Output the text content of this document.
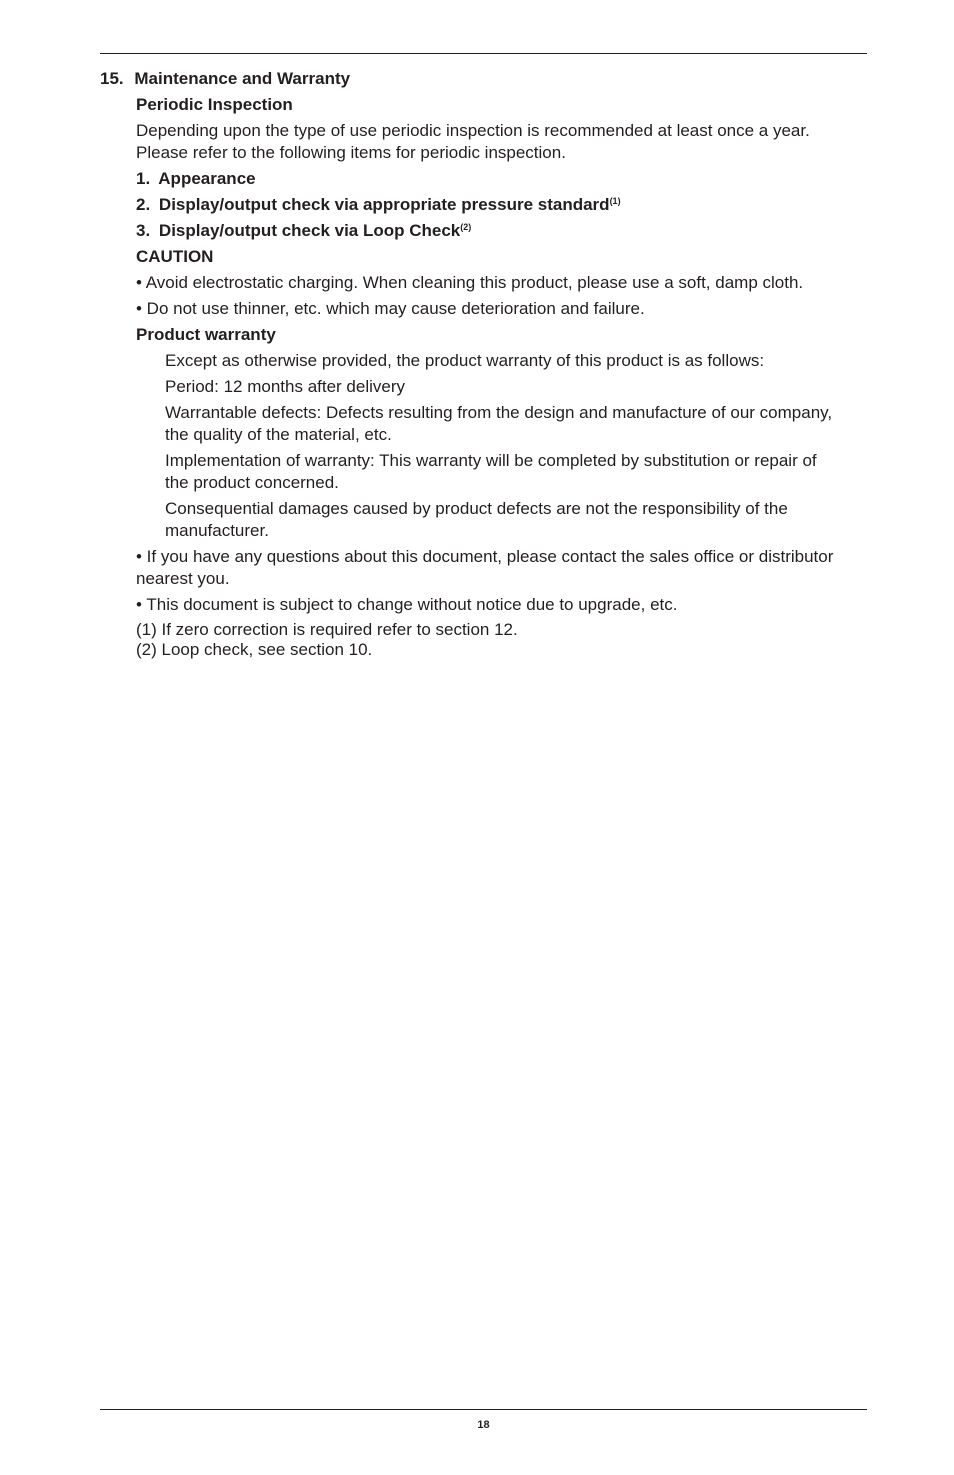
15. Maintenance and Warranty
Periodic Inspection
Depending upon the type of use periodic inspection is recommended at least once a year.
Please refer to the following items for periodic inspection.
1. Appearance
2. Display/output check via appropriate pressure standard$^{(1)}$
3. Display/output check via Loop Check$^{(2)}$
CAUTION
• Avoid electrostatic charging. When cleaning this product, please use a soft, damp cloth.
• Do not use thinner, etc. which may cause deterioration and failure.
Product warranty
Except as otherwise provided, the product warranty of this product is as follows:
Period: 12 months after delivery
Warrantable defects: Defects resulting from the design and manufacture of our company,
the quality of the material, etc.
Implementation of warranty: This warranty will be completed by substitution or repair of
the product concerned.
Consequential damages caused by product defects are not the responsibility of the
manufacturer.
• If you have any questions about this document, please contact the sales office or distributor
nearest you.
• This document is subject to change without notice due to upgrade, etc.
(1) If zero correction is required refer to section 12.
(2) Loop check, see section 10.
18
